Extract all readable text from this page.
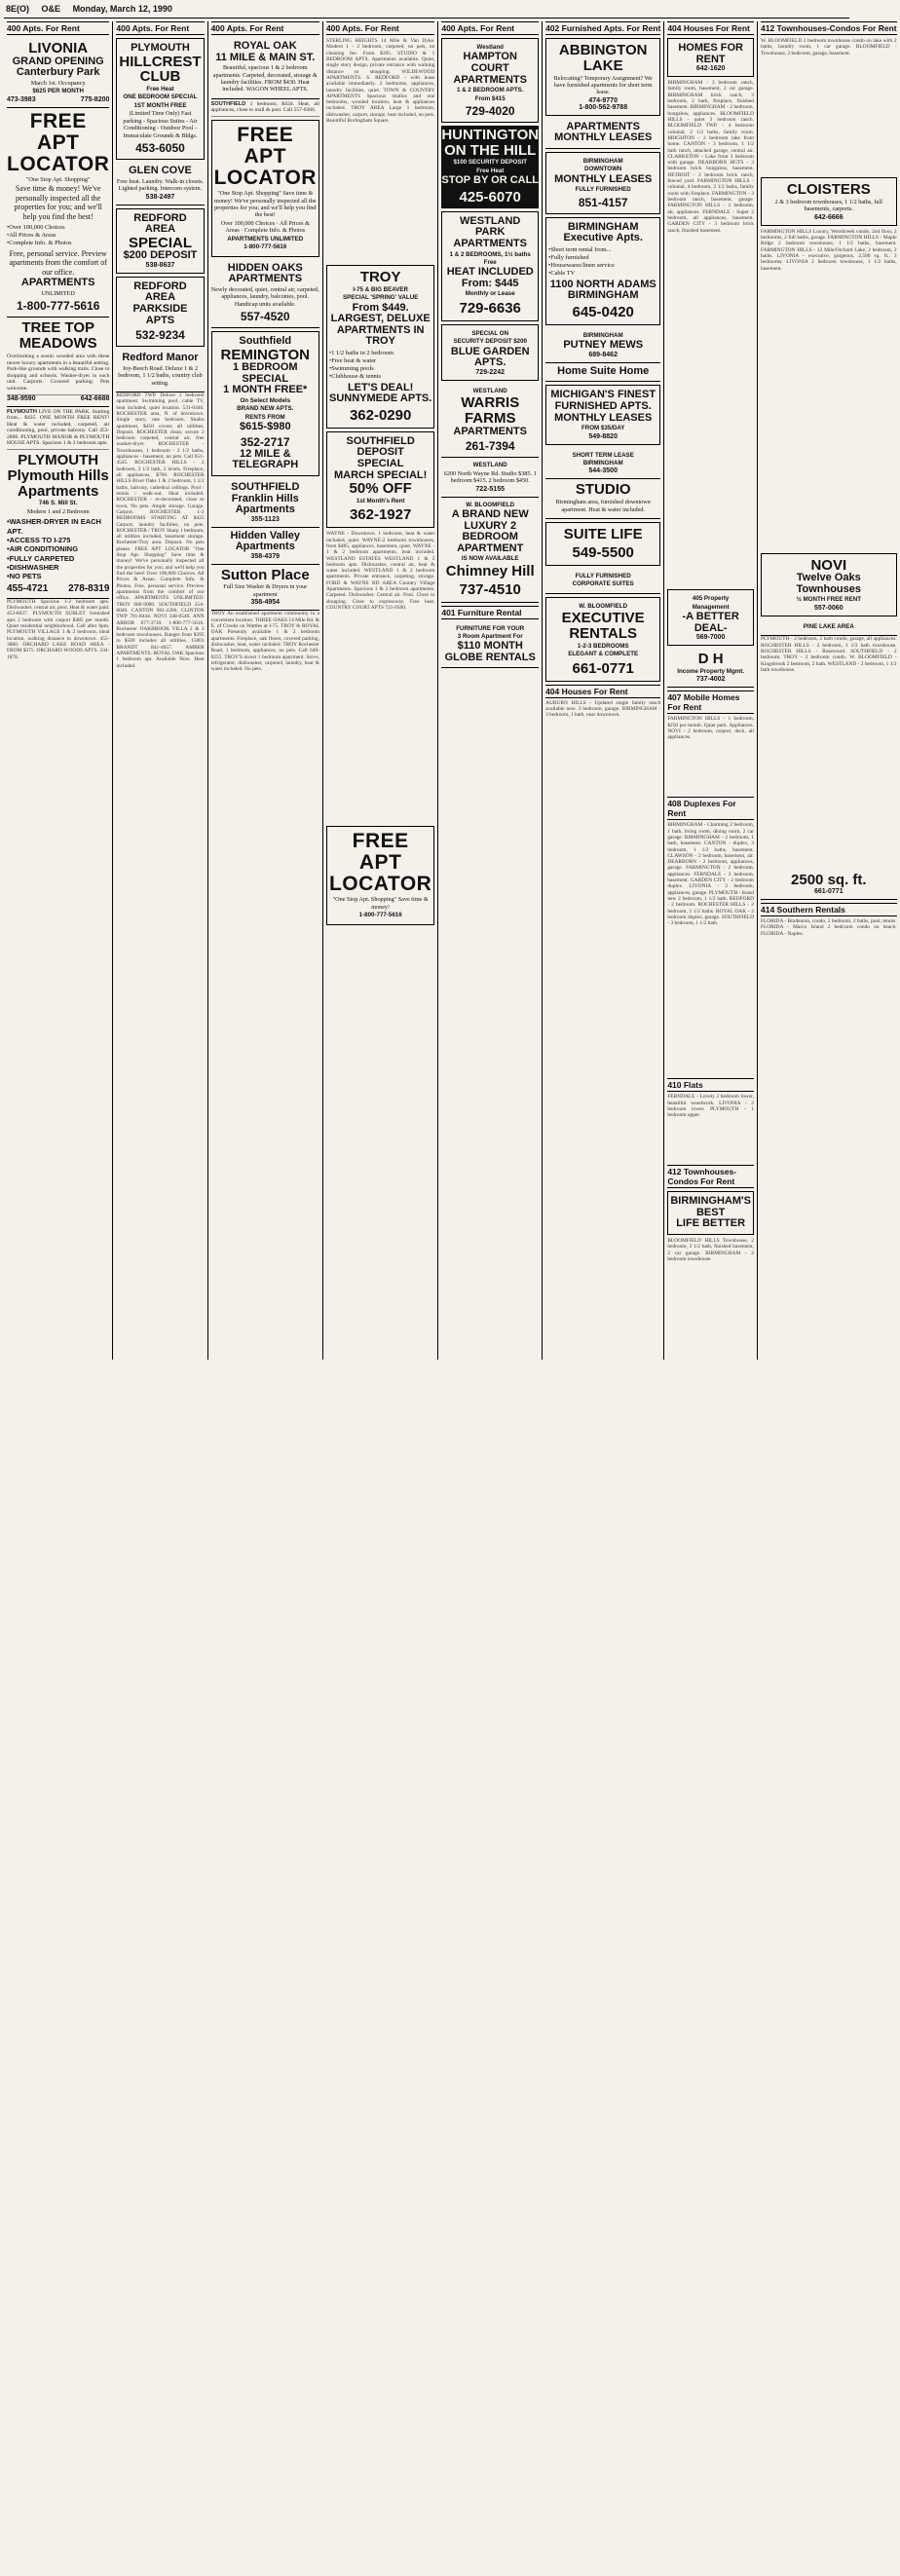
8E(O) O&E Monday, March 12, 1990
400 Apts. For Rent
LIVONIA
GRAND OPENING
Canterbury Park

March 1st. Occupancy

$625 PER MONTH

473-3983	775-8200
FREE
APT
LOCATOR

"One Stop Apt. Shopping"

Save time & money! We've personally inspected all the properties for you; and we'll help you find the best!

• Over 100,000 Choices
• All Prices & Areas
• Complete Info. & Photos

Free, personal service. Preview apartments from the comfort of our office.

APARTMENTS

UNLIMITED

1-800-777-5616
TREE TOP
MEADOWS
Overlooking a scenic wooded area with these newer luxury apartments in a beautiful setting. Park-like grounds with walking trails. Close to shopping and schools. Washer-dryer in each unit. Carports. Covered parking. Pets welcome.
348-9590	642-6688
PLYMOUTH LIVE ON THE PARK. Starting from... $435. ONE MONTH FREE RENT! Heat & water included, carpeted, air conditioning, pool, private balcony. Call 453-2800. PLYMOUTH MANOR & PLYMOUTH HOUSE APTS. Spacious 1 & 2 bedroom apts.
PLYMOUTH
Plymouth Hills
Apartments

746 S. Mill St.

Modern 1 and 2 Bedroom

• WASHER-DRYER IN EACH APT.
• ACCESS TO I-275
• AIR CONDITIONING
• FULLY CARPETED
• DISHWASHER
• NO PETS
455-4721 278-8319
PLYMOUTH Spacious 1-2 bedroom apts. Dishwasher, central air, pool. Heat & water paid. 453-8037. PLYMOUTH SUBLET furnished apts 2 bedroom with carport $485 per month. Quiet residential neighborhood. Call after 6pm. PLYMOUTH VILLAGE 1 & 2 bedroom, ideal location, walking distance to downtown. 455-3880. ORCHARD LAKE ROAD AREA - FROM $375. ORCHARD WOODS APTS. 334-1878.
400 Apts. For Rent
PLYMOUTH
HILLCREST
CLUB

Free Heat

ONE BEDROOM SPECIAL

1ST MONTH FREE

(Limited Time Only) Fast parking - Spacious Suites - Air Conditioning - Outdoor Pool - Immaculate Grounds & Bldgs.

453-6050
GLEN COVE

Free heat. Laundry. Walk-in closets. Lighted parking. Intercom system.

538-2497
REDFORD AREA
SPECIAL
$200 DEPOSIT
538-8637
REDFORD AREA
PARKSIDE APTS
532-9234
Redford Manor

Joy-Beech Road. Deluxe 1 & 2 bedroom, 1 1/2 baths, country club setting.

REDFORD TWP. Deluxe 1 bedroom apartment. Swimming pool, cable TV, heat included, quiet location. 531-0440. ROCHESTER area, N. of downtown. Single story, one bedroom. Studio apartment, $450 covers all utilities. Deposit. ROCHESTER clean, secure 2 bedroom carpeted, central air, free washer-dryer. ROCHESTER - Townhouses, 1 bedroom - 2 1/2 baths, appliances - basement, no pets. Call 651-4545. ROCHESTER HILLS - 2 bedroom, 2 1/2 bath, 2 levels. Fireplace, all appliances, $700. ROCHESTER HILLS River Oaks 1 & 2 bedroom, 1 1/2 baths, balcony, cathedral ceilings. Pool / tennis / walk-out. Heat included. ROCHESTER - re-decorated, close to town, No pets. Ample storage. Garage. Carport. ROCHESTER 1-2 BEDROOMS STARTING AT $425 Carport, laundry facilities, no pets. ROCHESTER / TROY Sharp 1 bedroom, all utilities included, basement storage. Rochester/Troy area. Deposit. No pets please. FREE APT LOCATOR "One Stop Apt. Shopping" Save time & money! We've personally inspected all the properties for you; and we'll help you find the best! Over 100,000 Choices. All Prices & Areas. Complete Info. & Photos. Free, personal service. Preview apartments from the comfort of our office. APARTMENTS UNLIMITED. TROY 680-9090. SOUTHFIELD 354-8040. CANTON 981-2200. CLINTON TWP 791-8444. NOVI 348-0540. ANN ARBOR 677-3710. 1-800-777-5616. Rochester OAKBROOK VILLA 2 & 3 bedroom townhouses. Ranges from $395 to $500 includes all utilities. 15001 BRANDT 841-4657. AMBER APARTMENTS. ROYAL OAK Spacious 1 bedroom apt. Available Now. Heat included.
400 Apts. For Rent
ROYAL OAK
11 MILE & MAIN ST.

Beautiful, spacious 1 & 2 bedroom apartments. Carpeted, decorated, storage & laundry facilities. FROM $430. Heat included. WAGON WHEEL APTS.

SOUTHFIELD 1 bedroom, $450. Heat, all appliances, close to mall & post. Call 557-0366.
FREE
APT
LOCATOR

"One Stop Apt. Shopping" Save time & money! We've personally inspected all the properties for you; and we'll help you find the best!

Over 100,000 Choices · All Prices & Areas · Complete Info. & Photos

APARTMENTS UNLIMITED

1-800-777-5616

HIDDEN OAKS
APARTMENTS

Newly decorated, quiet, central air, carpeted, appliances, laundry, balconies, pool. Handicap units available.

557-4520
Southfield
REMINGTON
1 BEDROOM
SPECIAL
1 MONTH FREE*

On Select Models

BRAND NEW APTS.

RENTS FROM

$615-$980
352-2717
12 MILE &
TELEGRAPH
SOUTHFIELD
Franklin Hills
Apartments
355-1123
Hidden Valley
Apartments
358-4379
Sutton Place

Full Size Washer & Dryers in your apartment

358-4954
TROY An established apartment community in a convenient location. THREE OAKS 14 Mile Rd. & E. of Crooks on Wattles at I-75. TROY & ROYAL OAK Presently available 1 & 2 bedroom apartments. Fireplace, oak floors, covered parking, dishwasher, heat, water included. TROY Rochester Road, 1 bedroom, appliances, no pets. Call 649-0255. TROY'S nicest 1 bedroom apartment. Stove, refrigerator, dishwasher, carpeted, laundry, heat & water included. No pets.
400 Apts. For Rent
STERLING HEIGHTS 14 Mile & Van Dyke. Modern 1 - 2 bedroom, carpeted, no pets, no cleaning fee. From $395. STUDIO & 1 BEDROOM APTS. Apartments available. Quiet, single story design, private entrance with walking distance to shopping. WILDEWOOD APARTMENTS. S. REDFORD - with lease available immediately. 2 bedrooms, appliances, laundry facilities, quiet. TOWN & COUNTRY APARTMENTS Spacious studios and one bedrooms, wooded location, heat & appliances included. TROY AREA Large 1 bedroom, dishwasher, carport, storage, heat included, no pets. Beautiful Burlingham Square.
TROY

I-75 & BIG BEAVER

SPECIAL 'SPRING' VALUE

From $449.
LARGEST, DELUXE
APARTMENTS IN TROY
• 1 1/2 baths in 2 bedroom
• Free heat & water
• Swimming pools
• Clubhouse & tennis
LET'S DEAL!
SUNNYMEDE APTS.
362-0290
SOUTHFIELD
DEPOSIT
SPECIAL
MARCH SPECIAL!
50% OFF

1st Month's Rent

362-1927
WAYNE - Downtown. 1 bedroom, heat & water included, quiet. WAYNE-2 bedroom townhouses, from $485, appliances, basement, quiet. WAYNE - 1 & 2 bedroom apartments, heat included. WESTLAND ESTATES WESTLAND 1 & 2 bedroom apts. Dishwasher, central air, heat & water included. WESTLAND 1 & 2 bedroom apartments. Private entrance, carpeting, storage. FORD & WAYNE RD AREA Country Village Apartments. Spacious 1 & 2 bedroom apartments. Carpeted. Dishwasher. Central air. Pool. Close to shopping. Close to expressway. Free heat. COUNTRY COURT APTS 721-0500.
FREE
APT
LOCATOR

"One Stop Apt. Shopping" Save time & money!

1-800-777-5616

400 Apts. For Rent

Westland

HAMPTON COURT
APARTMENTS

1 & 2 BEDROOM APTS.

From $415

729-4020
HUNTINGTON
ON THE HILL

$100 SECURITY DEPOSIT

Free Heat

STOP BY OR CALL
425-6070
WESTLAND PARK
APARTMENTS

1 & 2 BEDROOMS, 1½ baths

Free

HEAT INCLUDED
From: $445

Monthly or Lease

729-6636

SPECIAL ON

SECURITY DEPOSIT $200

BLUE GARDEN APTS.
729-2242

WESTLAND

WARRIS FARMS
APARTMENTS
261-7394

WESTLAND

6200 North Wayne Rd. Studio $385. 1 bedroom $415. 2 bedroom $450.

722-5155

W. BLOOMFIELD

A BRAND NEW
LUXURY 2 BEDROOM
APARTMENT

IS NOW AVAILABLE

Chimney Hill
737-4510
401 Furniture Rental

FURNITURE FOR YOUR

3 Room Apartment For

$110 MONTH
GLOBE RENTALS
402 Furnished Apts. For Rent
ABBINGTON
LAKE

Relocating? Temporary Assignment? We have furnished apartments for short term lease.

474-9770
1-800-562-9788
APARTMENTS
MONTHLY LEASES

BIRMINGHAM

DOWNTOWN

MONTHLY LEASES

FULLY FURNISHED

851-4157
BIRMINGHAM
Executive Apts.
• Short term rental from...
• Fully furnished
• Housewares/linen service
• Cable TV
1100 NORTH ADAMS
BIRMINGHAM
645-0420

BIRMINGHAM

PUTNEY MEWS
689-8462
Home Suite Home
MICHIGAN'S FINEST
FURNISHED APTS.
MONTHLY LEASES

FROM $35/DAY

549-8820

SHORT TERM LEASE

BIRMINGHAM

544-3500
STUDIO

Birmingham area, furnished downtown apartment. Heat & water included.

SUITE LIFE
549-5500

FULLY FURNISHED

CORPORATE SUITES

W. BLOOMFIELD

EXECUTIVE
RENTALS

1-2-3 BEDROOMS

ELEGANT & COMPLETE

661-0771
404 Houses For Rent
AUBURN HILLS - Updated single family ranch available now. 3 bedroom, garage. BIRMINGHAM - 3 bedroom, 1 bath, near downtown.
404 Houses For Rent
HOMES FOR RENT
642-1620
BIRMINGHAM - 3 bedroom ranch, family room, basement, 2 car garage. BIRMINGHAM brick ranch, 3 bedroom, 2 bath, fireplace, finished basement. BIRMINGHAM - 2 bedroom, bungalow, appliances. BLOOMFIELD HILLS - quiet 3 bedroom ranch. BLOOMFIELD TWP. - 4 bedroom colonial, 2 1/2 baths, family room. BRIGHTON - 2 bedroom lake front home. CANTON - 3 bedroom, 1 1/2 bath ranch, attached garage, central air. CLARKSTON - Lake front 3 bedroom with garage. DEARBORN HGTS - 3 bedroom brick bungalow, basement. DETROIT - 2 bedroom brick ranch, fenced yard. FARMINGTON HILLS - colonial, 4 bedroom, 2 1/2 baths, family room with fireplace. FARMINGTON - 3 bedroom ranch, basement, garage. FARMINGTON HILLS - 2 bedroom, air, appliances. FERNDALE - Super 2 bedroom, all appliances, basement. GARDEN CITY - 3 bedroom brick ranch, finished basement.

405 Property

Management

-A BETTER DEAL-
569-7000
D H

Income Property Mgmt.

737-4002
407 Mobile Homes For Rent
FARMINGTON HILLS - 1 bedroom, $250 per month. Quiet park. Appliances. NOVI - 2 bedroom, carport, deck, all appliances.
408 Duplexes For Rent
BIRMINGHAM - Charming 2 bedroom, 1 bath, living room, dining room, 2 car garage. BIRMINGHAM - 2 bedroom, 1 bath, basement. CANTON - duplex, 3 bedroom, 1 1/2 baths, basement. CLAWSON - 2 bedroom, basement, air. DEARBORN - 2 bedroom, appliances, garage. FARMINGTON - 2 bedroom, appliances. FERNDALE - 2 bedroom, basement. GARDEN CITY - 2 bedroom duplex. LIVONIA - 2 bedroom, appliances, garage. PLYMOUTH - brand new 2 bedroom, 1 1/2 bath. REDFORD - 2 bedroom. ROCHESTER HILLS - 2 bedroom, 1 1/2 baths. ROYAL OAK - 2 bedroom duplex, garage. SOUTHFIELD - 3 bedroom, 1 1/2 bath.
410 Flats
FERNDALE - Lovely 2 bedroom lower, beautiful woodwork. LIVONIA - 2 bedroom lower. PLYMOUTH - 1 bedroom upper.
412 Townhouses-Condos For Rent
BIRMINGHAM'S BEST
LIFE BETTER
BLOOMFIELD HILLS Townhouse, 2 bedroom, 2 1/2 bath, finished basement, 2 car garage. BIRMINGHAM - 2 bedroom townhouse.
412 Townhouses-Condos For Rent
W. BLOOMFIELD 2 bedroom townhouse condo on lake with 2 baths, laundry room, 1 car garage. BLOOMFIELD - Townhouse, 2 bedroom, garage, basement.
CLOISTERS

2 & 3 bedroom townhouses, 1 1/2 baths, full basements, carports.

642-6666
FARMINGTON HILLS Luxury, Woodcreek condo, 2nd floor, 2 bedrooms, 2 full baths, garage. FARMINGTON HILLS - Maple Ridge 2 bedroom townhouse, 1 1/2 baths, basement. FARMINGTON HILLS - 12 Mile/Orchard Lake, 2 bedroom, 2 baths. LIVONIA - executive, gorgeous, 2,500 sq. ft., 3 bedrooms. LIVONIA 2 bedroom townhouse, 1 1/2 baths, basement.
NOVI
Twelve Oaks
Townhouses

½ MONTH FREE RENT

557-0060

PINE LAKE AREA

PLYMOUTH - 2 bedroom, 2 bath condo, garage, all appliances. ROCHESTER HILLS - 2 bedroom, 1 1/2 bath townhouse. ROCHESTER HILLS - Rosewood. SOUTHFIELD - 2 bedroom. TROY - 2 bedroom condo. W. BLOOMFIELD - Kingsbrook 2 bedroom, 2 bath. WESTLAND - 2 bedroom, 1 1/2 bath townhouse.
2500 sq. ft.
661-0771
414 Southern Rentals
FLORIDA - Bradenton, condo, 2 bedroom, 2 baths, pool, tennis. FLORIDA - Marco Island 2 bedroom condo on beach. FLORIDA - Naples.
